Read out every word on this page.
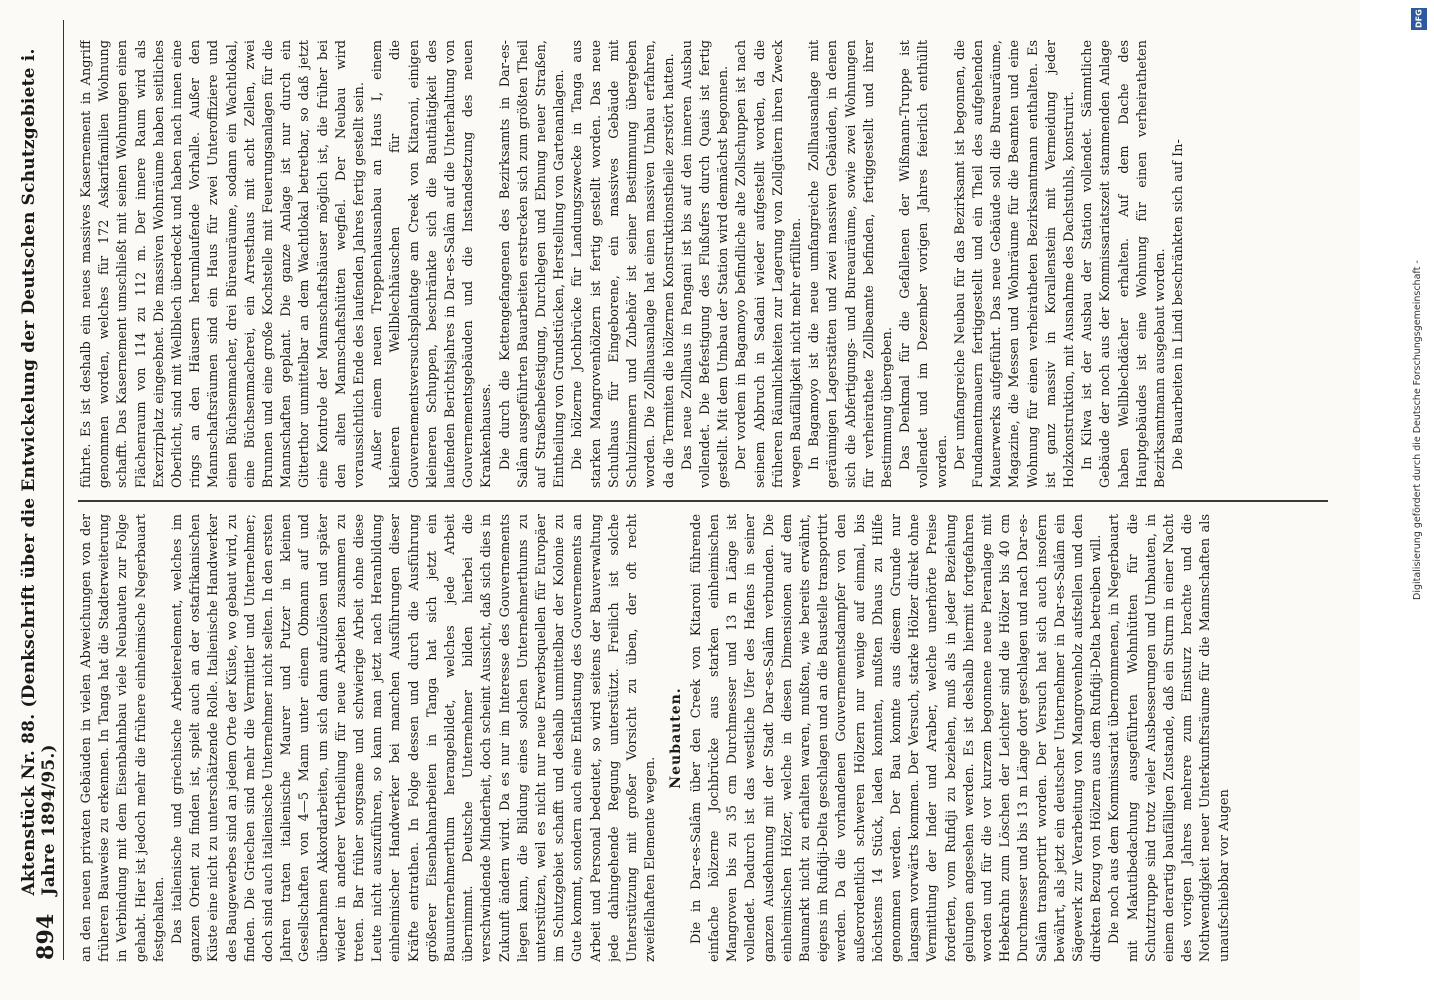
894
Aktenstück Nr. 88. (Denkschrift über die Entwickelung der Deutschen Schutzgebiete i. Jahre 1894/95.) an den neuen privaten Gebäuden in vielen Abweichungen von der früheren Bauweise zu erkennen. In Tanga hat die Stadterweiterung in Verbindung mit dem Eisenbahnbau viele Neubauten zur Folge gehabt. Hier ist jedoch mehr die frühere einheimische Negerbauart festgehalten. Das italienische und griechische Arbeiterelement, welches im ganzen Orient zu finden ist, spielt auch an der ostafrikanischen Küste eine nicht zu unterschätzende Rolle. Italienische Handwerker des Baugewerbes sind an jedem Orte der Küste, wo gebaut wird, zu finden. Die Griechen sind mehr die Vermittler und Unternehmer; doch sind auch italienische Unternehmer nicht selten. In den ersten Jahren traten italienische Maurer und Putzer in kleinen Gesellschaften von 4—5 Mann unter einem Obmann auf und übernahmen Akkordarbeiten, um sich dann aufzulösen und später wieder in anderer Vertheilung für neue Arbeiten zusammen zu treten. Bar früher sorgsame und schwierige Arbeit ohne diese Leute nicht auszuführen, so kann man jetzt nach Heranbildung einheimischer Handwerker bei manchen Ausführungen dieser Kräfte entrathen. In Folge dessen und durch die Ausführung größerer Eisenbahnarbeiten in Tanga hat sich jetzt ein Bauunternehmerthum herangebildet, welches jede Arbeit übernimmt. Deutsche Unternehmer bilden hierbei die verschwindende Minderheit, doch scheint Aussicht, daß sich dies in Zukunft ändern wird. Da es nur im Interesse des Gouvernements liegen kann, die Bildung eines solchen Unternehmerthums zu unterstützen, weil es nicht nur neue Erwerbsquellen für Europäer im Schutzgebiet schafft und deshalb unmittelbar der Kolonie zu Gute kommt, sondern auch eine Entlastung des Gouvernements an Arbeit und Personal bedeutet, so wird seitens der Bauverwaltung jede dahingehende Regung unterstützt. Freilich ist solche Unterstützung mit großer Vorsicht zu üben, der oft recht zweifelhaften Elemente wegen.

Neubauten. Die in Dar-es-Salâm über den Creek von Kitaroni führende einfache hölzerne Jochbrücke aus starken einheimischen Mangroven bis zu 35 cm Durchmesser und 13 m Länge ist vollendet. Dadurch ist das westliche Ufer des Hafens in seiner ganzen Ausdehnung mit der Stadt Dar-es-Salâm verbunden. Die einheimischen Hölzer, welche in diesen Dimensionen auf dem Baumarkt nicht zu erhalten waren, mußten, wie bereits erwähnt, eigens im Rufidji-Delta geschlagen und an die Baustelle transportirt werden. Da die vorhandenen Gouvernementsdampfer von den außerordentlich schweren Hölzern nur wenige auf einmal, bis höchstens 14 Stück, laden konnten, mußten Dhaus zu Hilfe genommen werden. Der Bau konnte aus diesem Grunde nur langsam vorwärts kommen. Der Versuch, starke Hölzer direkt ohne Vermittlung der Inder und Araber, welche unerhörte Preise forderten, vom Rufidji zu beziehen, muß als in jeder Beziehung gelungen angesehen werden. Es ist deshalb hiermit fortgefahren worden und für die vor kurzem begonnene neue Pieranlage mit Hebekrahn zum Löschen der Leichter sind die Hölzer bis 40 cm Durchmesser und bis 13 m Länge dort geschlagen und nach Dar-es-Salâm transportirt worden. Der Versuch hat sich auch insofern bewährt, als jetzt ein deutscher Unternehmer in Dar-es-Salâm ein Sägewerk zur Verarbeitung von Mangrovenholz aufstellen und den direkten Bezug von Hölzern aus dem Rufidji-Delta betreiben will. Die noch aus dem Kommissariat übernommenen, in Negerbauart mit Makutibedachung ausgeführten Wohnhütten für die Schutztruppe sind trotz vieler Ausbesserungen und Umbauten, in einem derartig baufälligen Zustande, daß ein Sturm in einer Nacht des vorigen Jahres mehrere zum Einsturz brachte und die Nothwendigkeit neuer Unterkunftsräume für die Mannschaften als unaufschiebbar vor Augen

führte. Es ist deshalb ein neues massives Kasernement in Angriff genommen worden, welches für 172 Askarifamilien Wohnung schafft. Das Kasernement umschließt mit seinen Wohnungen einen Flächenraum von 114 zu 112 m. Der innere Raum wird als Exerzirplatz eingeebnet. Die massiven Wohnräume haben seitliches Oberlicht, sind mit Wellblech überdeckt und haben nach innen eine rings an den Häusern herumlaufende Vorhalle. Außer den Mannschaftsräumen sind ein Haus für zwei Unteroffiziere und einen Büchsenmacher, drei Büreauräume, sodann ein Wachtlokal, eine Büchsenmacherei, ein Arresthaus mit acht Zellen, zwei Brunnen und eine große Kochstelle mit Feuerungsanlagen für die Mannschaften geplant. Die ganze Anlage ist nur durch ein Gitterthor unmittelbar an dem Wachtlokal betretbar, so daß jetzt eine Kontrole der Mannschaftshäuser möglich ist, die früher bei den alten Mannschaftshütten wegfiel. Der Neubau wird voraussichtlich Ende des laufenden Jahres fertig gestellt sein. Außer einem neuen Treppenhausanbau an Haus I, einem kleineren Wellblechhäuschen für die Gouvernementsversuchsplantage am Creek von Kitaroni, einigen kleineren Schuppen, beschränkte sich die Bauthätigkeit des laufenden Berichtsjahres in Dar-es-Salâm auf die Unterhaltung von Gouvernementsgebäuden und die Instandsetzung des neuen Krankenhauses. Die durch die Kettengefangenen des Bezirksamts in Dar-es-Salâm ausgeführten Bauarbeiten erstrecken sich zum größten Theil auf Straßenbefestigung, Durchlegen und Ebnung neuer Straßen, Eintheilung von Grundstücken, Herstellung von Gartenanlagen. Die hölzerne Jochbrücke für Landungszwecke in Tanga aus starken Mangrovenhölzern ist fertig gestellt worden. Das neue Schulhaus für Eingeborene, ein massives Gebäude mit Schulzimmern und Zubehör ist seiner Bestimmung übergeben worden. Die Zollhausanlage hat einen massiven Umbau erfahren, da die Termiten die hölzernen Konstruktionstheile zerstört hatten. Das neue Zollhaus in Pangani ist bis auf den inneren Ausbau vollendet. Die Befestigung des Flußufers durch Quais ist fertig gestellt. Mit dem Umbau der Station wird demnächst begonnen. Der vordem in Bagamoyo befindliche alte Zollschuppen ist nach seinem Abbruch in Sadani wieder aufgestellt worden, da die früheren Räumlichkeiten zur Lagerung von Zollgütern ihren Zweck wegen Baufälligkeit nicht mehr erfüllten. In Bagamoyo ist die neue umfangreiche Zollhausanlage mit geräumigen Lagerstätten und zwei massiven Gebäuden, in denen sich die Abfertigungs- und Bureauräume, sowie zwei Wohnungen für verheirathete Zollbeamte befinden, fertiggestellt und ihrer Bestimmung übergeben. Das Denkmal für die Gefallenen der Wißmann-Truppe ist vollendet und im Dezember vorigen Jahres feierlich enthüllt worden. Der umfangreiche Neubau für das Bezirksamt ist begonnen, die Fundamentmauern fertiggestellt und ein Theil des aufgehenden Mauerwerks aufgeführt. Das neue Gebäude soll die Bureauräume, Magazine, die Messen und Wohnräume für die Beamten und eine Wohnung für einen verheiratheten Bezirksamtmann enthalten. Es ist ganz massiv in Korallenstein mit Vermeidung jeder Holzkonstruktion, mit Ausnahme des Dachstuhls, konstruirt. In Kilwa ist der Ausbau der Station vollendet. Sämmtliche Gebäude der noch aus der Kommissariatszeit stammenden Anlage haben Wellblechdächer erhalten. Auf dem Dache des Hauptgebäudes ist eine Wohnung für einen verheiratheten Bezirksamtmann ausgebaut worden. Die Bauarbeiten in Lindi beschränkten sich auf In-

DFG
Digitalisierung gefördert durch die Deutsche Forschungsgemeinschaft -
